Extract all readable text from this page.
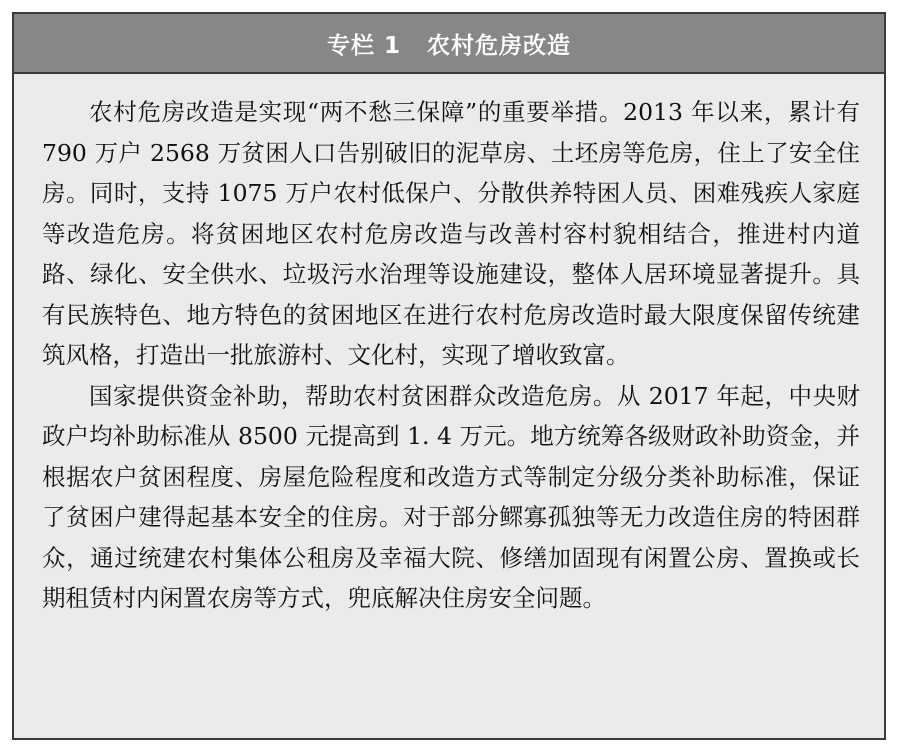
专栏 1 农村危房改造

农村危房改造是实现“两不愁三保障”的重要举措。2013 年以来，累计有 790 万户 2568 万贫困人口告别破旧的泥草房、土坯房等危房，住上了安全住房。同时，支持 1075 万户农村低保户、分散供养特困人员、困难残疾人家庭等改造危房。将贫困地区农村危房改造与改善村容村貌相结合，推进村内道路、绿化、安全供水、垃圾污水治理等设施建设，整体人居环境显著提升。具有民族特色、地方特色的贫困地区在进行农村危房改造时最大限度保留传统建筑风格，打造出一批旅游村、文化村，实现了增收致富。

国家提供资金补助，帮助农村贫困群众改造危房。从 2017 年起，中央财政户均补助标准从 8500 元提高到 1. 4 万元。地方统筹各级财政补助资金，并根据农户贫困程度、房屋危险程度和改造方式等制定分级分类补助标准，保证了贫困户建得起基本安全的住房。对于部分鳏寡孤独等无力改造住房的特困群众，通过统建农村集体公租房及幸福大院、修缮加固现有闲置公房、置换或长期租赁村内闲置农房等方式，兜底解决住房安全问题。
